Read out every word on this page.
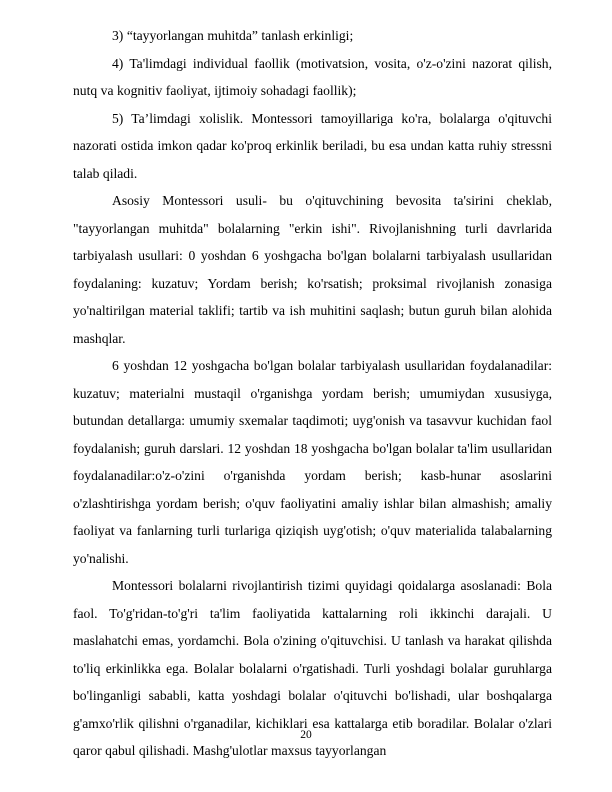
3) “tayyorlangan muhitda” tanlash erkinligi;

4) Ta'limdagi individual faollik (motivatsion, vosita, o'z-o'zini nazorat qilish, nutq va kognitiv faoliyat, ijtimoiy sohadagi faollik);

5) Ta’limdagi xolislik. Montessori tamoyillariga ko'ra, bolalarga o'qituvchi nazorati ostida imkon qadar ko'proq erkinlik beriladi, bu esa undan katta ruhiy stressni talab qiladi.

Asosiy Montessori usuli- bu o'qituvchining bevosita ta'sirini cheklab, "tayyorlangan muhitda" bolalarning "erkin ishi". Rivojlanishning turli davrlarida tarbiyalash usullari: 0 yoshdan 6 yoshgacha bo'lgan bolalarni tarbiyalash usullaridan foydalaning: kuzatuv; Yordam berish; ko'rsatish; proksimal rivojlanish zonasiga yo'naltirilgan material taklifi; tartib va ish muhitini saqlash; butun guruh bilan alohida mashqlar.

6 yoshdan 12 yoshgacha bo'lgan bolalar tarbiyalash usullaridan foydalanadilar: kuzatuv; materialni mustaqil o'rganishga yordam berish; umumiydan xususiyga, butundan detallarga: umumiy sxemalar taqdimoti; uyg'onish va tasavvur kuchidan faol foydalanish; guruh darslari. 12 yoshdan 18 yoshgacha bo'lgan bolalar ta'lim usullaridan foydalanadilar:o'z-o'zini o'rganishda yordam berish; kasb-hunar asoslarini o'zlashtirishga yordam berish; o'quv faoliyatini amaliy ishlar bilan almashish; amaliy faoliyat va fanlarning turli turlariga qiziqish uyg'otish; o'quv materialida talabalarning yo'nalishi.

Montessori bolalarni rivojlantirish tizimi quyidagi qoidalarga asoslanadi: Bola faol. To'g'ridan-to'g'ri ta'lim faoliyatida kattalarning roli ikkinchi darajali. U maslahatchi emas, yordamchi. Bola o'zining o'qituvchisi. U tanlash va harakat qilishda to'liq erkinlikka ega. Bolalar bolalarni o'rgatishadi. Turli yoshdagi bolalar guruhlarga bo'linganligi sababli, katta yoshdagi bolalar o'qituvchi bo'lishadi, ular boshqalarga g'amxo'rlik qilishni o'rganadilar, kichiklari esa kattalarga etib boradilar. Bolalar o'zlari qaror qabul qilishadi. Mashg'ulotlar maxsus tayyorlangan

20
